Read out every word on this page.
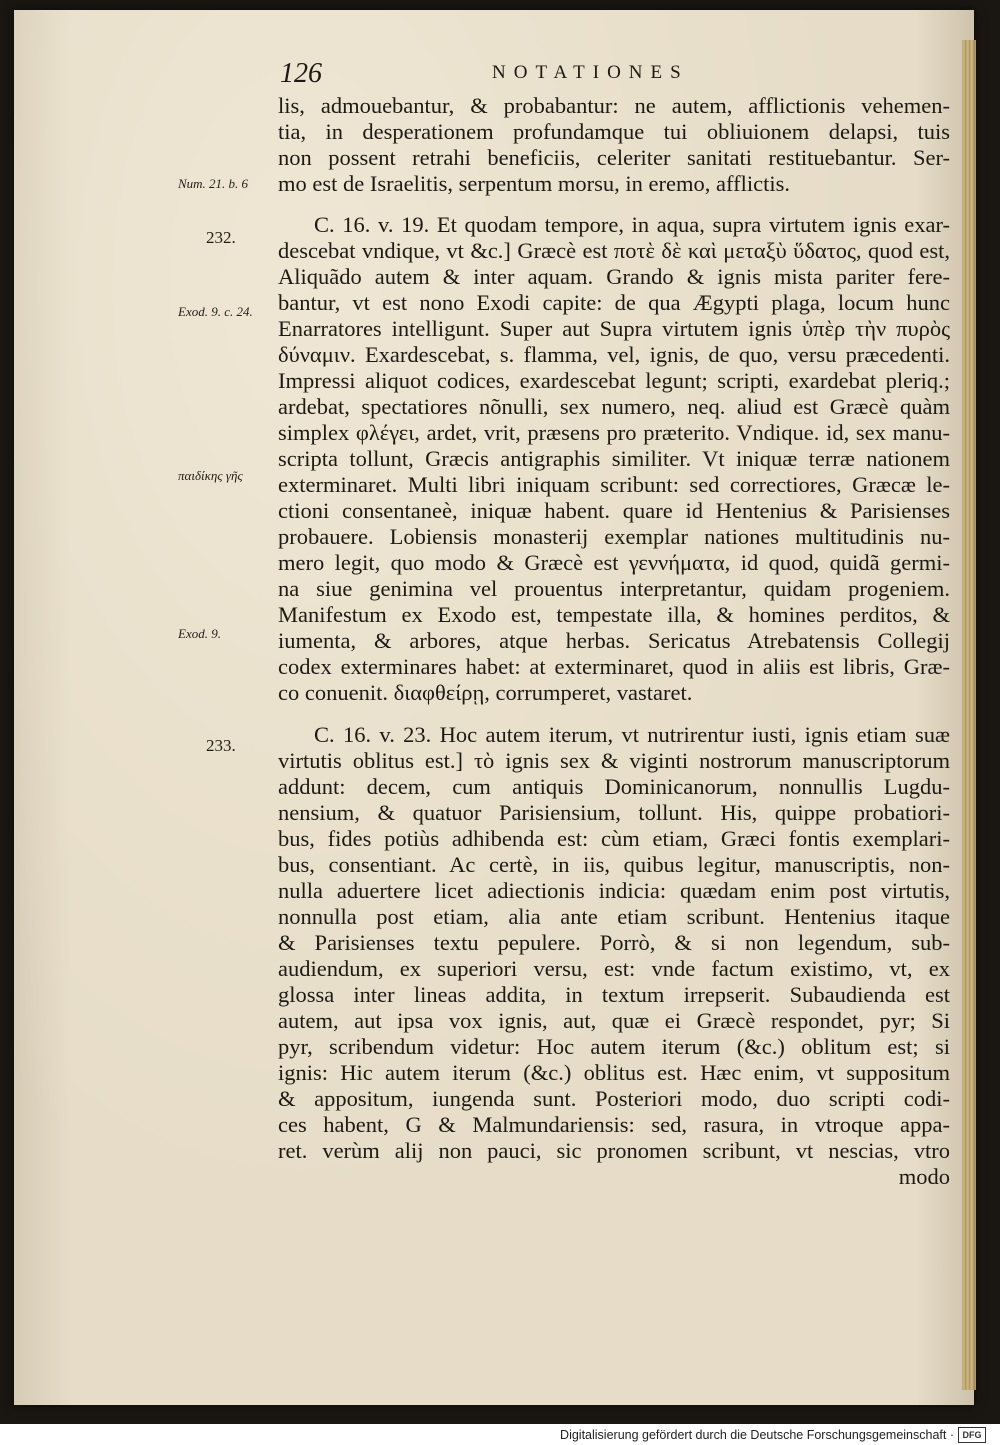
126	NOTATIONES
lis, admouebantur, & probabantur: ne autem, afflictionis vehemen-
tia, in desperationem profundamque tui obliuionem delapsi, tuis
non possent retrahi beneficiis, celeriter sanitati restituebantur. Ser-
mo est de Israelitis, serpentum morsu, in eremo, afflictis.
C. 16. v. 19. Et quodam tempore, in aqua, supra virtutem ignis exar-
descebat vndique, vt &c.] Græcè est ποτὲ δὲ καὶ μεταξὺ ὕδατος, quod est,
Aliquãdo autem & inter aquam. Grando & ignis mista pariter fere-
bantur, vt est nono Exodi capite: de qua Ægypti plaga, locum hunc
Enarratores intelligunt. Super aut Supra virtutem ignis ὑπὲρ τὴν πυρὸς
δύναμιν. Exardescebat, s. flamma, vel, ignis, de quo, versu præcedenti.
Impressi aliquot codices, exardescebat legunt; scripti, exardebat pleriq.;
ardebat, spectatiores nõnulli, sex numero, neq. aliud est Græcè quàm
simplex φλέγει, ardet, vrit, præsens pro præterito. Vndique. id, sex manu-
scripta tollunt, Græcis antigraphis similiter. Vt iniquæ terræ nationem
exterminaret. Multi libri iniquam scribunt: sed correctiores, Græcæ le-
ctioni consentaneè, iniquæ habent. quare id Hentenius & Parisienses
probauere. Lobiensis monasterij exemplar nationes multitudinis nu-
mero legit, quo modo & Græcè est γεννήματα, id quod, quidã germi-
na siue genimina vel prouentus interpretantur, quidam progeniem.
Manifestum ex Exodo est, tempestate illa, & homines perditos, &
iumenta, & arbores, atque herbas. Sericatus Atrebatensis Collegij
codex exterminares habet: at exterminaret, quod in aliis est libris, Græ-
co conuenit. διαφθείρῃ, corrumperet, vastaret.
C. 16. v. 23. Hoc autem iterum, vt nutrirentur iusti, ignis etiam suæ
virtutis oblitus est.] τὸ ignis sex & viginti nostrorum manuscriptorum
addunt: decem, cum antiquis Dominicanorum, nonnullis Lugdu-
nensium, & quatuor Parisiensium, tollunt. His, quippe probatiori-
bus, fides potiùs adhibenda est: cùm etiam, Græci fontis exemplari-
bus, consentiant. Ac certè, in iis, quibus legitur, manuscriptis, non-
nulla aduertere licet adiectionis indicia: quædam enim post virtutis,
nonnulla post etiam, alia ante etiam scribunt. Hentenius itaque
& Parisienses textu pepulere. Porrò, & si non legendum, sub-
audiendum, ex superiori versu, est: vnde factum existimo, vt, ex
glossa inter lineas addita, in textum irrepserit. Subaudienda est
autem, aut ipsa vox ignis, aut, quæ ei Græcè respondet, pyr; Si
pyr, scribendum videtur: Hoc autem iterum (&c.) oblitum est; si
ignis: Hic autem iterum (&c.) oblitus est. Hæc enim, vt suppositum
& appositum, iungenda sunt. Posteriori modo, duo scripti codi-
ces habent, G & Malmundariensis: sed, rasura, in vtroque appa-
ret. verùm alij non pauci, sic pronomen scribunt, vt nescias, vtro
modo
Num. 21. b. 6
232.
Exod. 9. c. 24.
παιδίκης γῆς
Exod. 9.
233.
Digitalisierung gefördert durch die Deutsche Forschungsgemeinschaft · DFG
